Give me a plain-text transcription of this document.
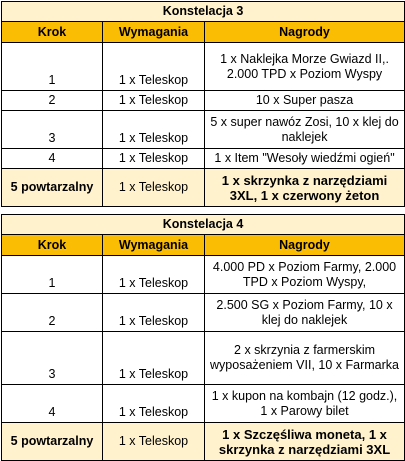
Konstelacja 3		
Krok	Wymagania	Nagrody
1	1 x Teleskop	1 x Naklejka Morze Gwiazd II,. 2.000 TPD x Poziom Wyspy
2	1 x Teleskop	10 x Super pasza
3	1 x Teleskop	5 x super nawóz Zosi, 10 x klej do naklejek
4	1 x Teleskop	1 x Item "Wesoły wiedźmi ogień"
5 powtarzalny	1 x Teleskop	1 x skrzynka z narzędziami 3XL, 1 x czerwony żeton
Konstelacja 4		
Krok	Wymagania	Nagrody
1	1 x Teleskop	4.000 PD x Poziom Farmy, 2.000 TPD x Poziom Wyspy,
2	1 x Teleskop	2.500 SG x Poziom Farmy, 10 x klej do naklejek
3	1 x Teleskop	2 x skrzynia z farmerskim wyposażeniem VII, 10 x Farmarka
4	1 x Teleskop	1 x kupon na kombajn (12 godz.), 1 x Parowy bilet
5 powtarzalny	1 x Teleskop	1 x Szczęśliwa moneta, 1 x skrzynka z narzędziami 3XL
